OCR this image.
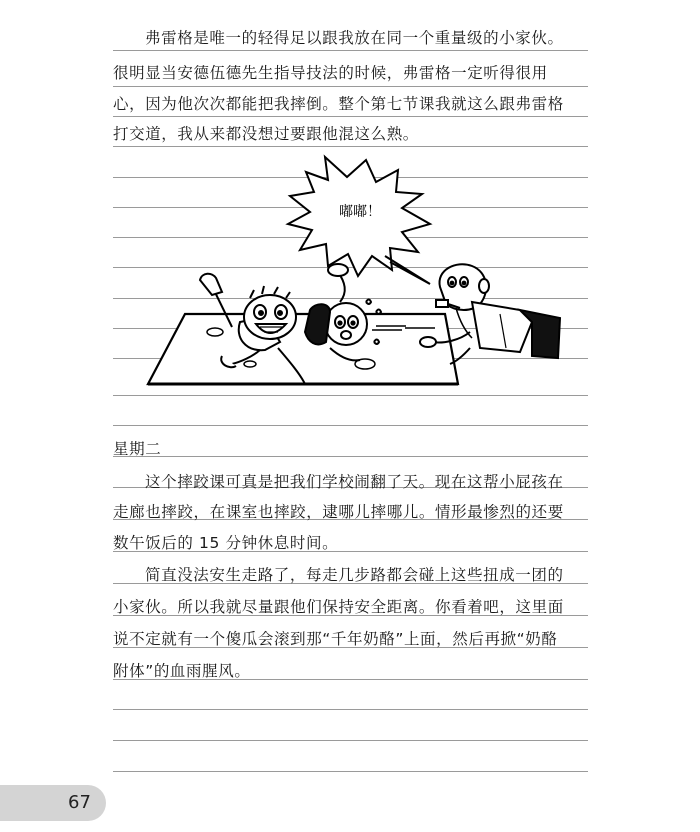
弗雷格是唯一的轻得足以跟我放在同一个重量级的小家伙。
很明显当安德伍德先生指导技法的时候，弗雷格一定听得很用
心，因为他次次都能把我摔倒。整个第七节课我就这么跟弗雷格
打交道，我从来都没想过要跟他混这么熟。
嘟嘟！
星期二
这个摔跤课可真是把我们学校闹翻了天。现在这帮小屁孩在
走廊也摔跤，在课室也摔跤，逮哪儿摔哪儿。情形最惨烈的还要
数午饭后的 15 分钟休息时间。
简直没法安生走路了，每走几步路都会碰上这些扭成一团的
小家伙。所以我就尽量跟他们保持安全距离。你看着吧，这里面
说不定就有一个傻瓜会滚到那“千年奶酪”上面，然后再掀“奶酪
附体”的血雨腥风。
67
